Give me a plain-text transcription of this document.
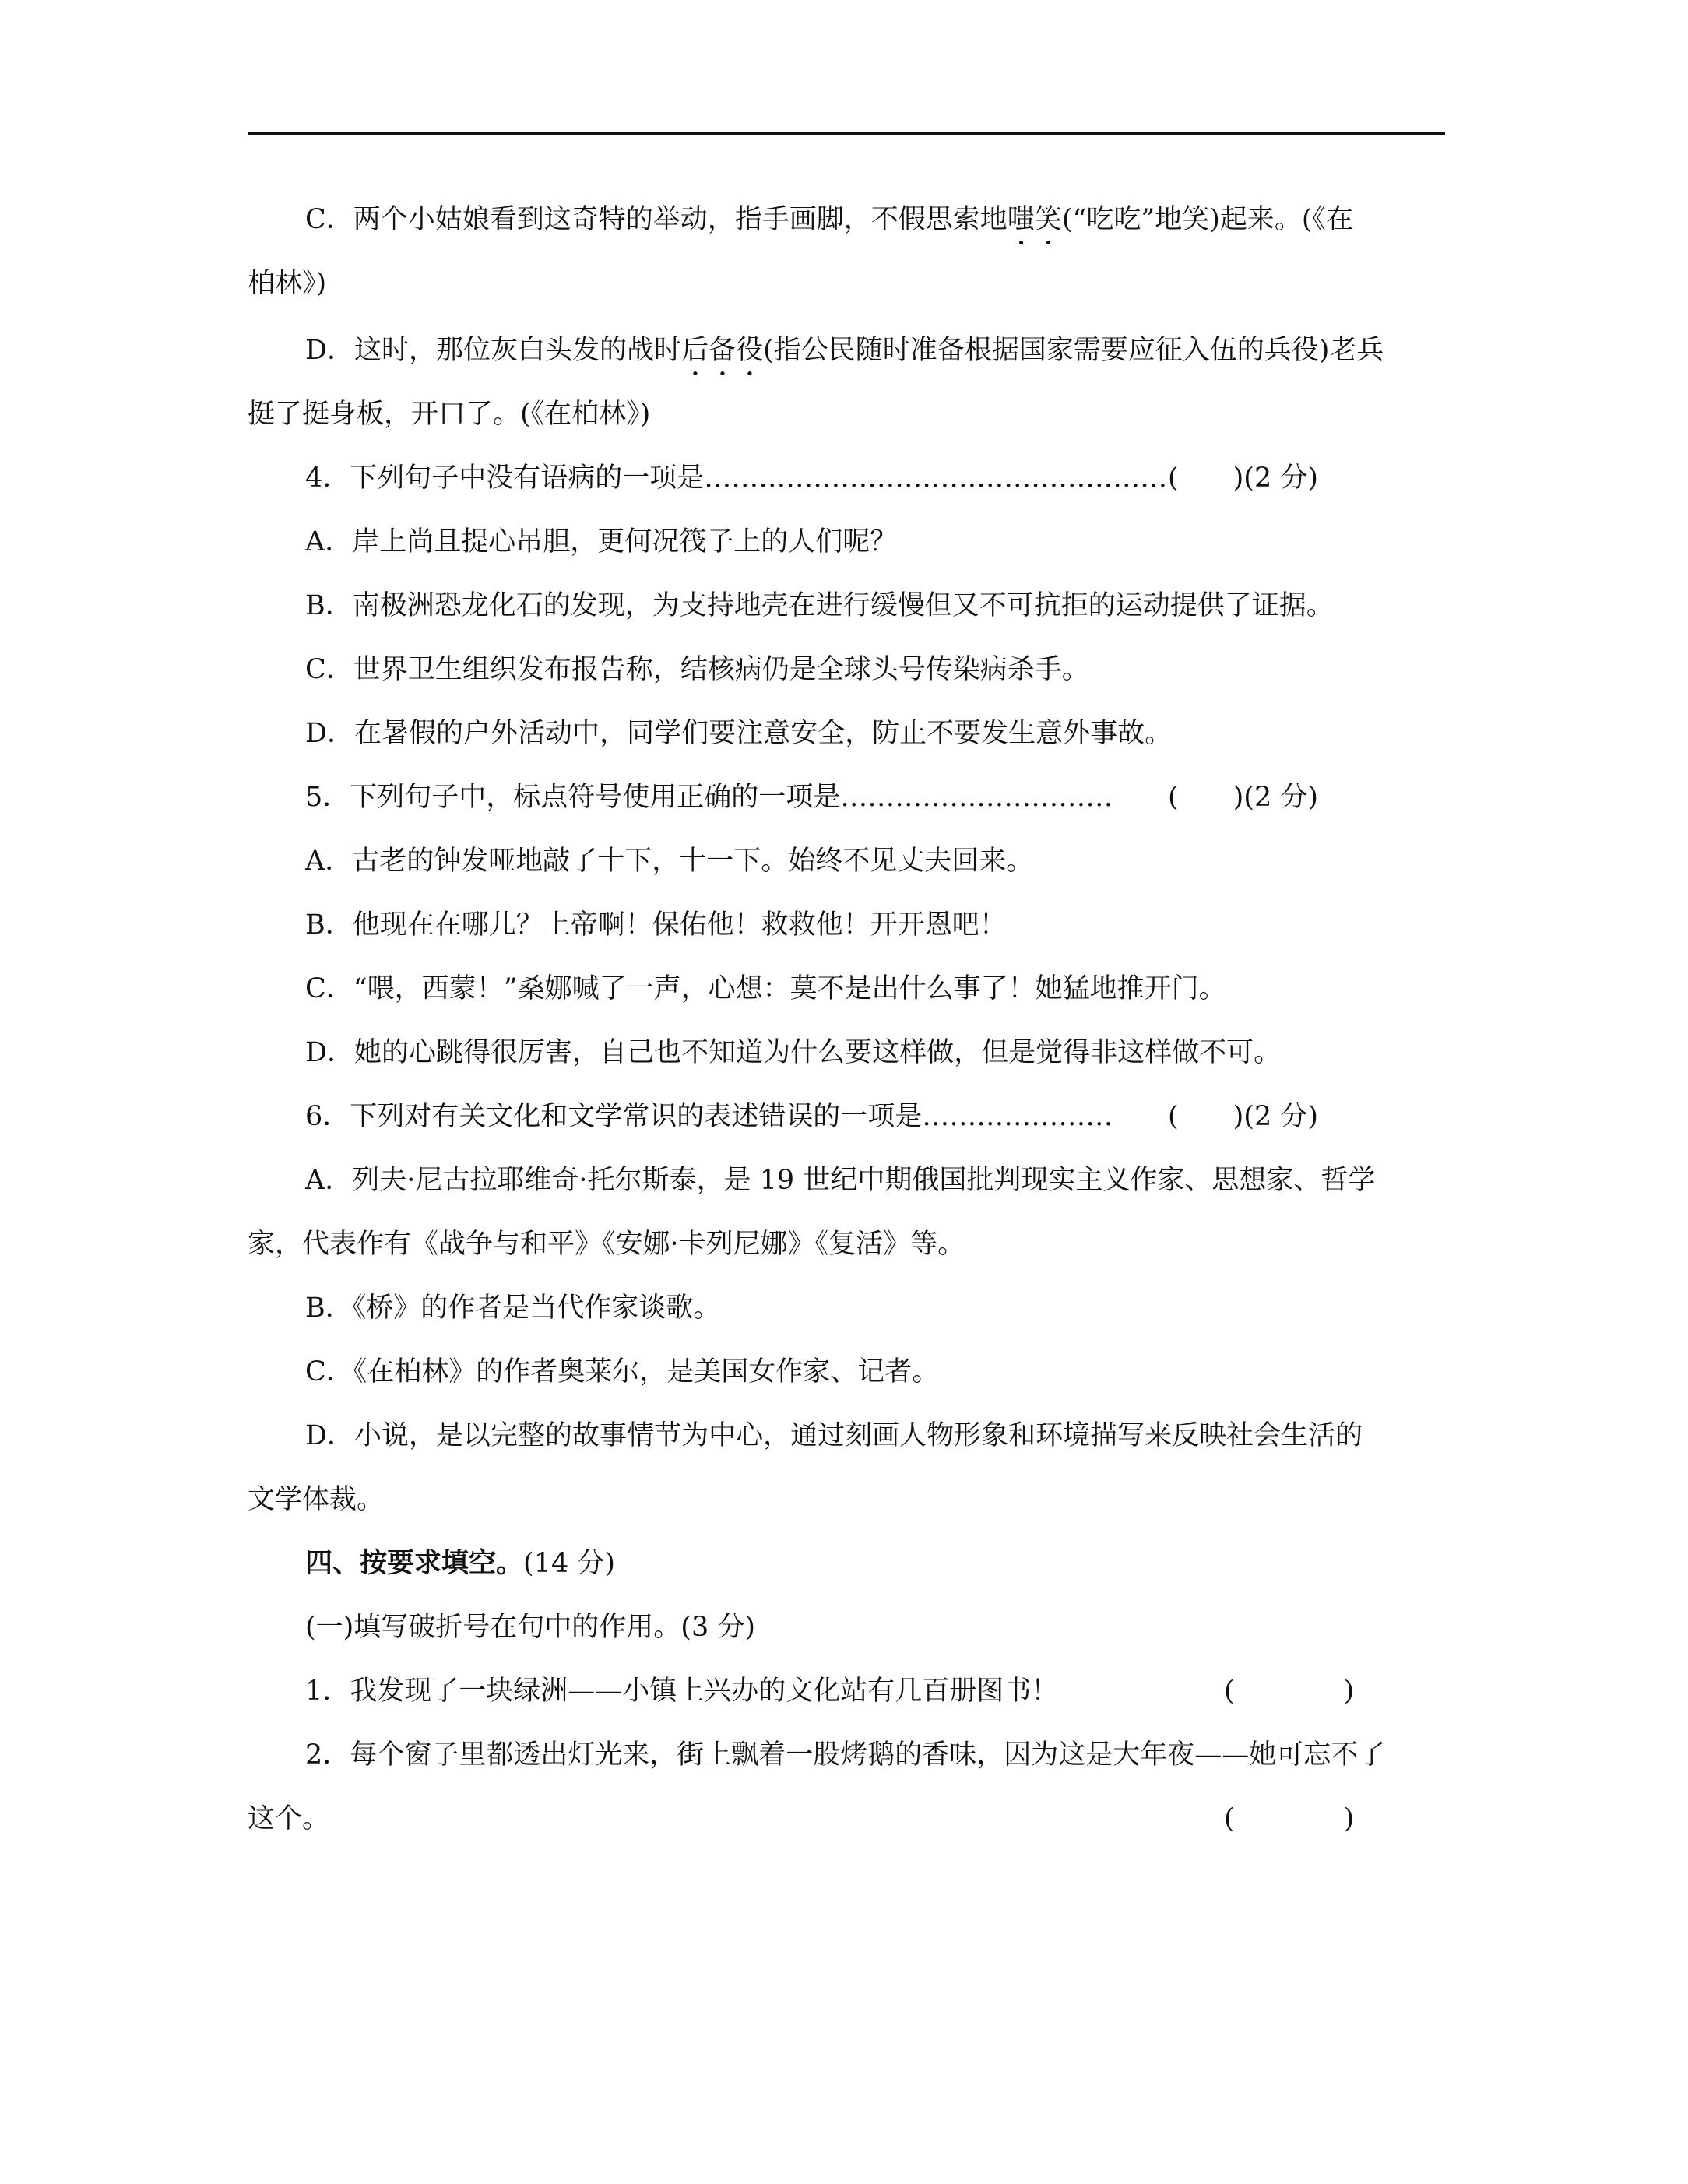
C．两个小姑娘看到这奇特的举动，指手画脚，不假思索地嗤笑(“吃吃”地笑)起来。(《在
柏林》)
D．这时，那位灰白头发的战时后备役(指公民随时准备根据国家需要应征入伍的兵役)老兵
挺了挺身板，开口了。(《在柏林》)
4．下列句子中没有语病的一项是…………………………………………… (　　)(2 分)
A．岸上尚且提心吊胆，更何况筏子上的人们呢？
B．南极洲恐龙化石的发现，为支持地壳在进行缓慢但又不可抗拒的运动提供了证据。
C．世界卫生组织发布报告称，结核病仍是全球头号传染病杀手。
D．在暑假的户外活动中，同学们要注意安全，防止不要发生意外事故。
5．下列句子中，标点符号使用正确的一项是………………………… (　　)(2 分)
A．古老的钟发哑地敲了十下，十一下。始终不见丈夫回来。
B．他现在在哪儿？上帝啊！保佑他！救救他！开开恩吧！
C．“喂，西蒙！”桑娜喊了一声，心想：莫不是出什么事了！她猛地推开门。
D．她的心跳得很厉害，自己也不知道为什么要这样做，但是觉得非这样做不可。
6．下列对有关文化和文学常识的表述错误的一项是………………… (　　)(2 分)
A．列夫·尼古拉耶维奇·托尔斯泰，是 19 世纪中期俄国批判现实主义作家、思想家、哲学
家，代表作有《战争与和平》《安娜·卡列尼娜》《复活》等。
B．《桥》的作者是当代作家谈歌。
C．《在柏林》的作者奥莱尔，是美国女作家、记者。
D．小说，是以完整的故事情节为中心，通过刻画人物形象和环境描写来反映社会生活的
文学体裁。
四、按要求填空。(14 分)
(一)填写破折号在句中的作用。(3 分)
1．我发现了一块绿洲——小镇上兴办的文化站有几百册图书！	(　　　　)
2．每个窗子里都透出灯光来，街上飘着一股烤鹅的香味，因为这是大年夜——她可忘不了
这个。	(　　　　)
